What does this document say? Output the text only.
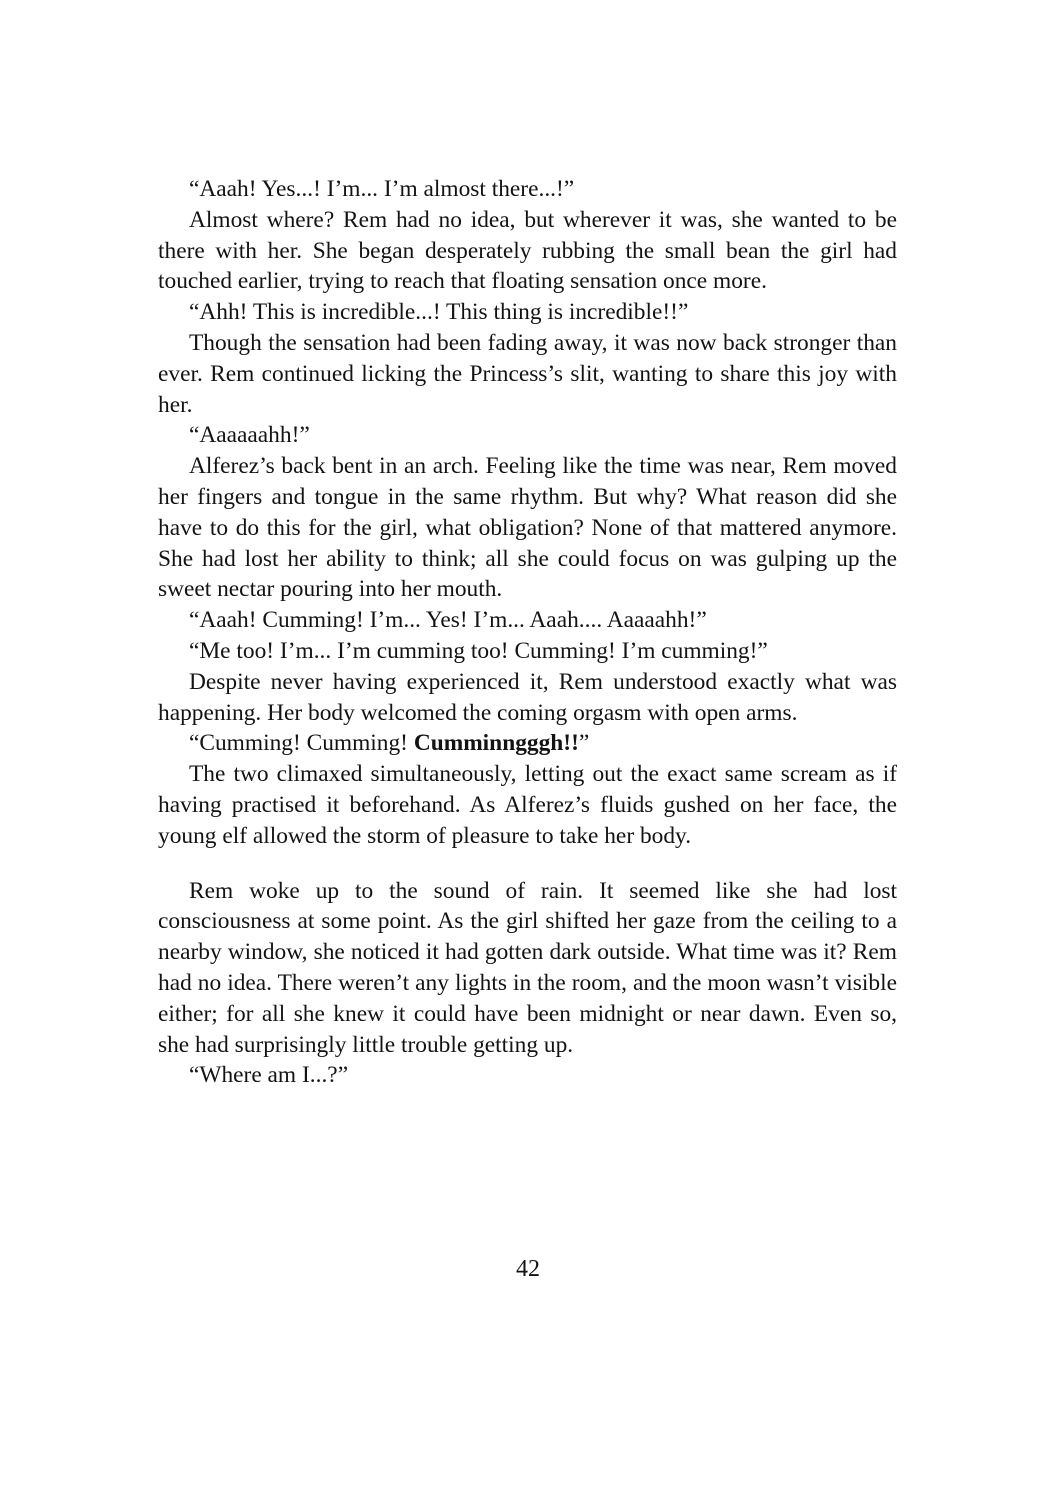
“Aaah! Yes...! I’m... I’m almost there...!”

Almost where? Rem had no idea, but wherever it was, she wanted to be there with her. She began desperately rubbing the small bean the girl had touched earlier, trying to reach that floating sensation once more.

“Ahh! This is incredible...! This thing is incredible!!”

Though the sensation had been fading away, it was now back stronger than ever. Rem continued licking the Princess’s slit, wanting to share this joy with her.

“Aaaaaahh!”

Alferez’s back bent in an arch. Feeling like the time was near, Rem moved her fingers and tongue in the same rhythm. But why? What reason did she have to do this for the girl, what obligation? None of that mattered anymore. She had lost her ability to think; all she could focus on was gulping up the sweet nectar pouring into her mouth.

“Aaah! Cumming! I’m... Yes! I’m... Aaah.... Aaaaahh!”

“Me too! I’m... I’m cumming too! Cumming! I’m cumming!”

Despite never having experienced it, Rem understood exactly what was happening. Her body welcomed the coming orgasm with open arms.

“Cumming! Cumming! Cumminngggh!!”

The two climaxed simultaneously, letting out the exact same scream as if having practised it beforehand. As Alferez’s fluids gushed on her face, the young elf allowed the storm of pleasure to take her body.

Rem woke up to the sound of rain. It seemed like she had lost consciousness at some point. As the girl shifted her gaze from the ceiling to a nearby window, she noticed it had gotten dark outside. What time was it? Rem had no idea. There weren’t any lights in the room, and the moon wasn’t visible either; for all she knew it could have been midnight or near dawn. Even so, she had surprisingly little trouble getting up.

“Where am I...?”

42
